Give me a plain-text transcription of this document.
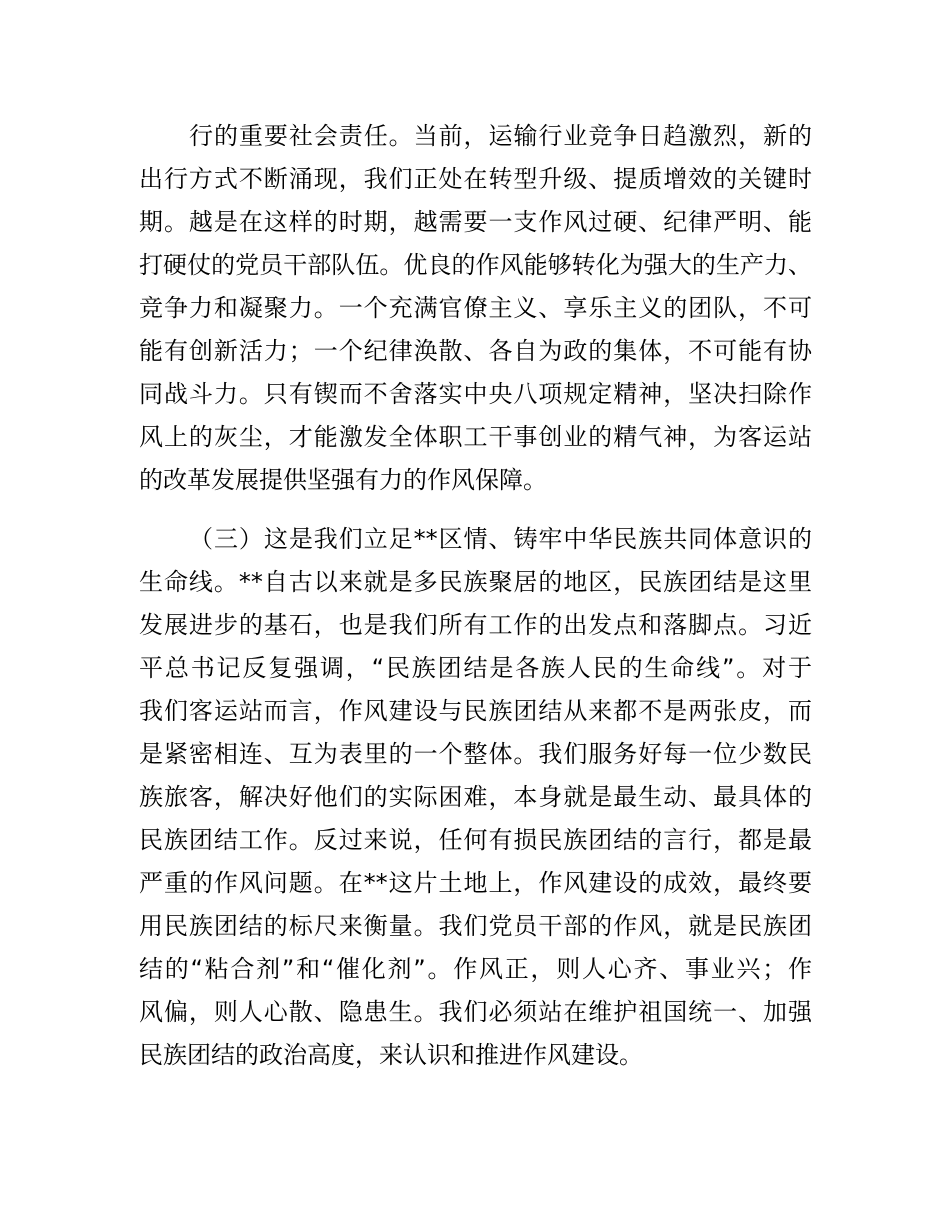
行的重要社会责任。当前，运输行业竞争日趋激烈，新的
出行方式不断涌现，我们正处在转型升级、提质增效的关键时
期。越是在这样的时期，越需要一支作风过硬、纪律严明、能
打硬仗的党员干部队伍。优良的作风能够转化为强大的生产力、
竞争力和凝聚力。一个充满官僚主义、享乐主义的团队，不可
能有创新活力；一个纪律涣散、各自为政的集体，不可能有协
同战斗力。只有锲而不舍落实中央八项规定精神，坚决扫除作
风上的灰尘，才能激发全体职工干事创业的精气神，为客运站
的改革发展提供坚强有力的作风保障。

（三）这是我们立足**区情、铸牢中华民族共同体意识的
生命线。**自古以来就是多民族聚居的地区，民族团结是这里
发展进步的基石，也是我们所有工作的出发点和落脚点。习近
平总书记反复强调，“民族团结是各族人民的生命线”。对于
我们客运站而言，作风建设与民族团结从来都不是两张皮，而
是紧密相连、互为表里的一个整体。我们服务好每一位少数民
族旅客，解决好他们的实际困难，本身就是最生动、最具体的
民族团结工作。反过来说，任何有损民族团结的言行，都是最
严重的作风问题。在**这片土地上，作风建设的成效，最终要
用民族团结的标尺来衡量。我们党员干部的作风，就是民族团
结的“粘合剂”和“催化剂”。作风正，则人心齐、事业兴；作
风偏，则人心散、隐患生。我们必须站在维护祖国统一、加强
民族团结的政治高度，来认识和推进作风建设。
